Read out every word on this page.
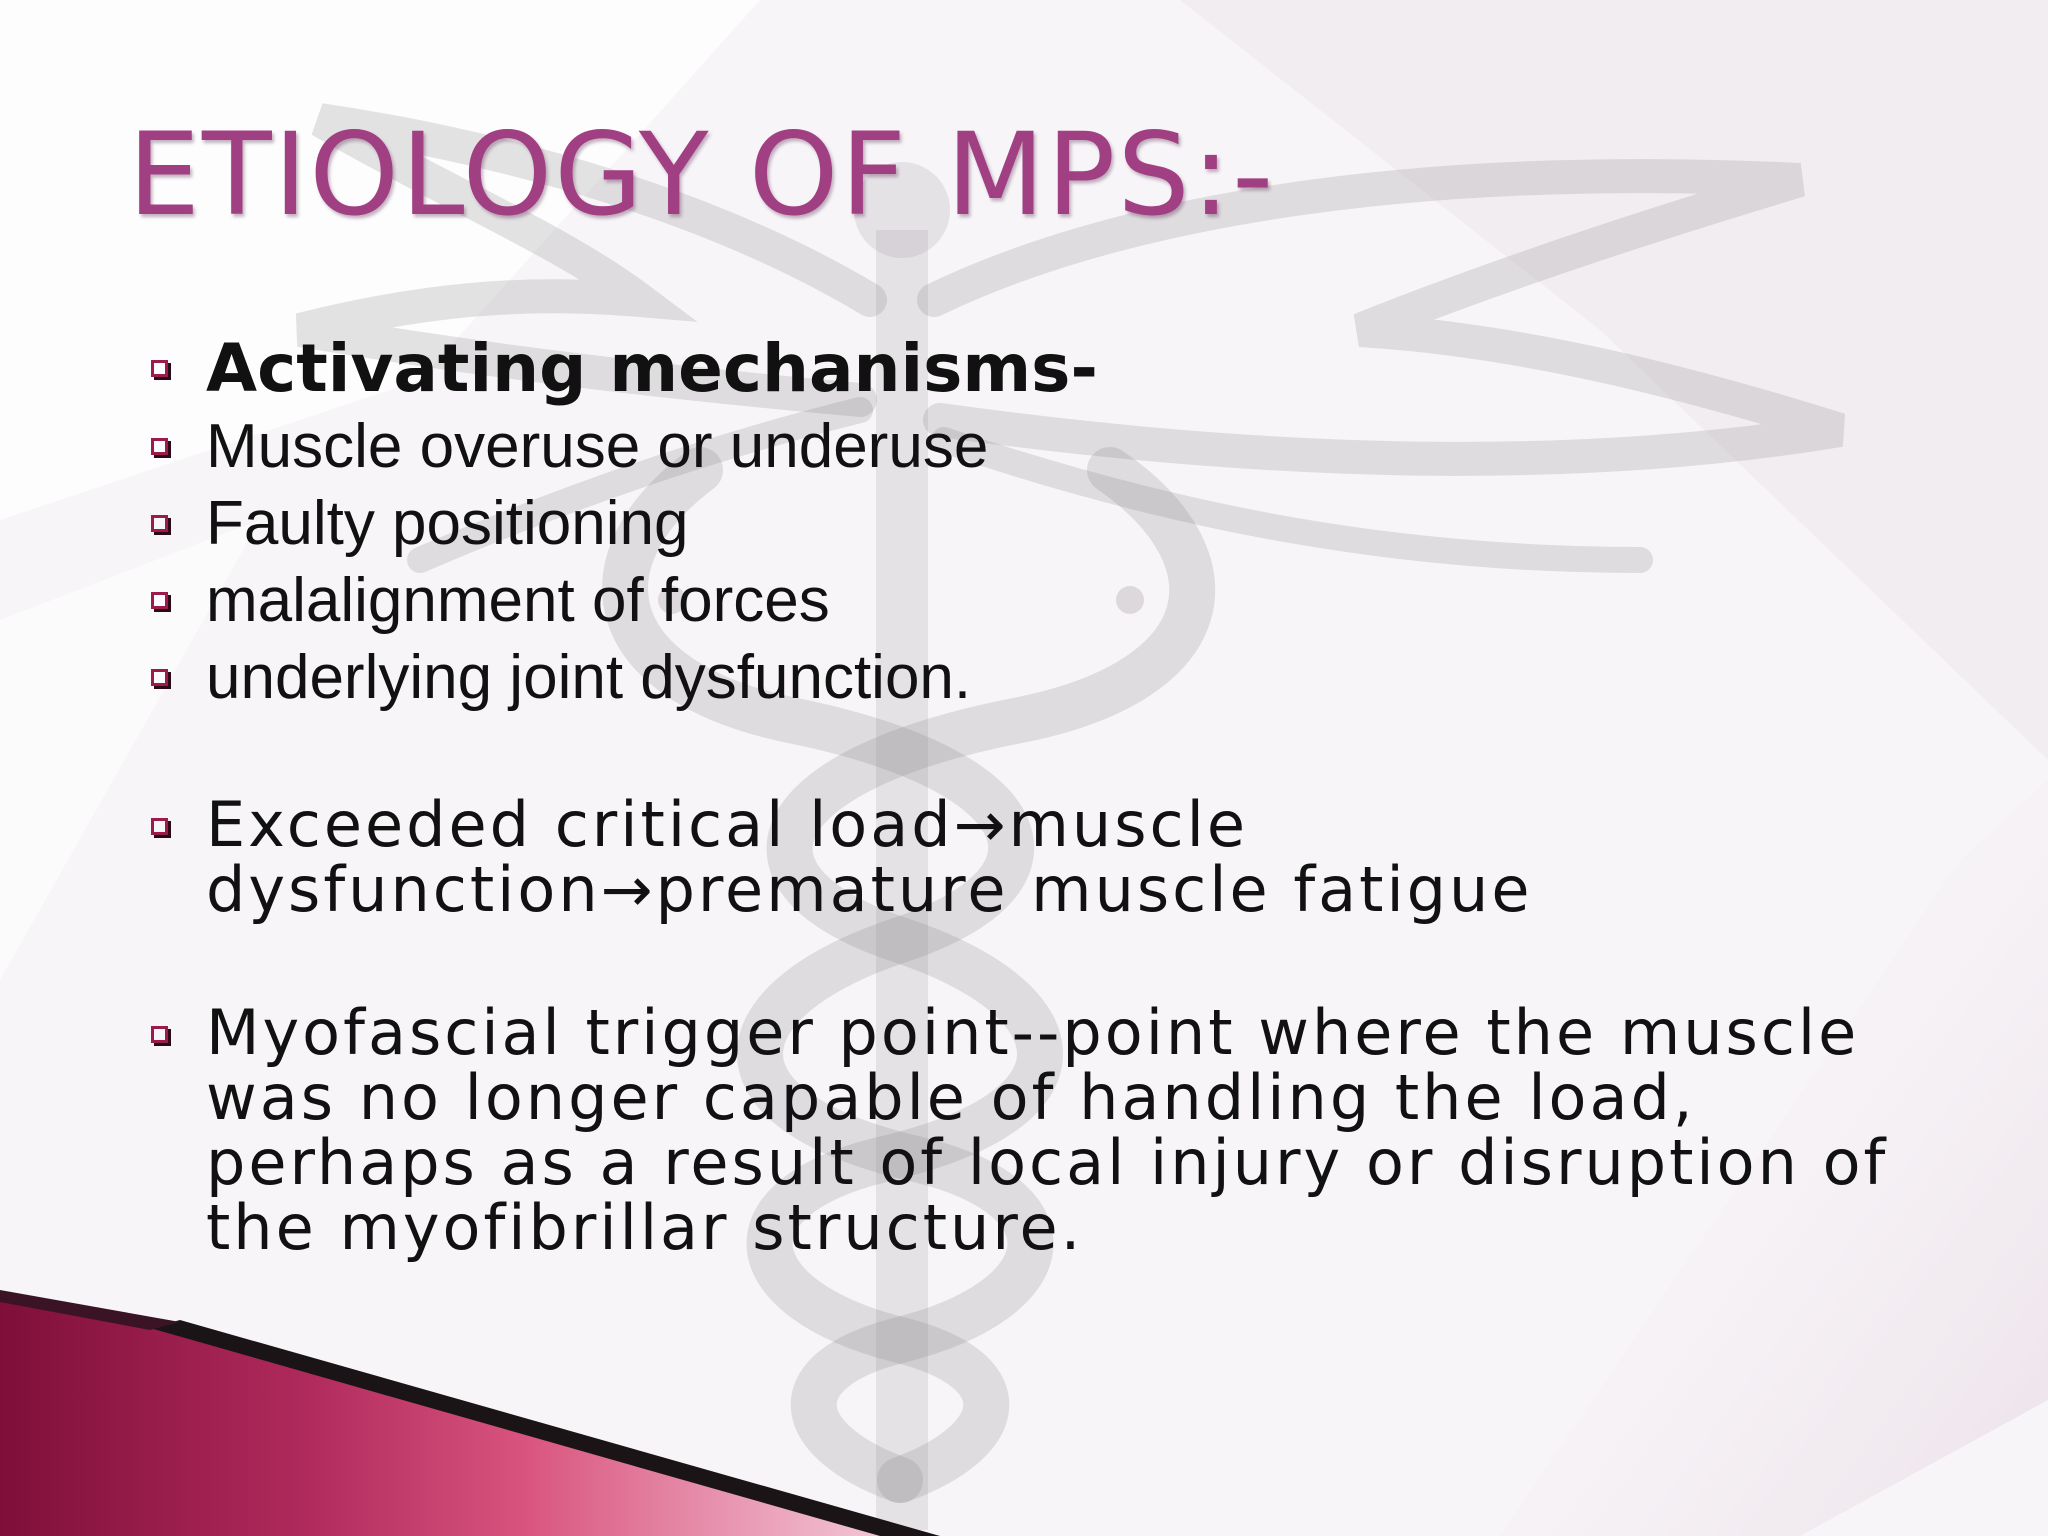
ETIOLOGY OF MPS:-
Activating mechanisms-
Muscle overuse or underuse
Faulty positioning
malalignment of forces
underlying joint dysfunction.
Exceeded critical load→muscle dysfunction→premature muscle fatigue
Myofascial trigger point--point where the muscle was no longer capable of handling the load, perhaps as a result of local injury or disruption of the myofibrillar structure.
